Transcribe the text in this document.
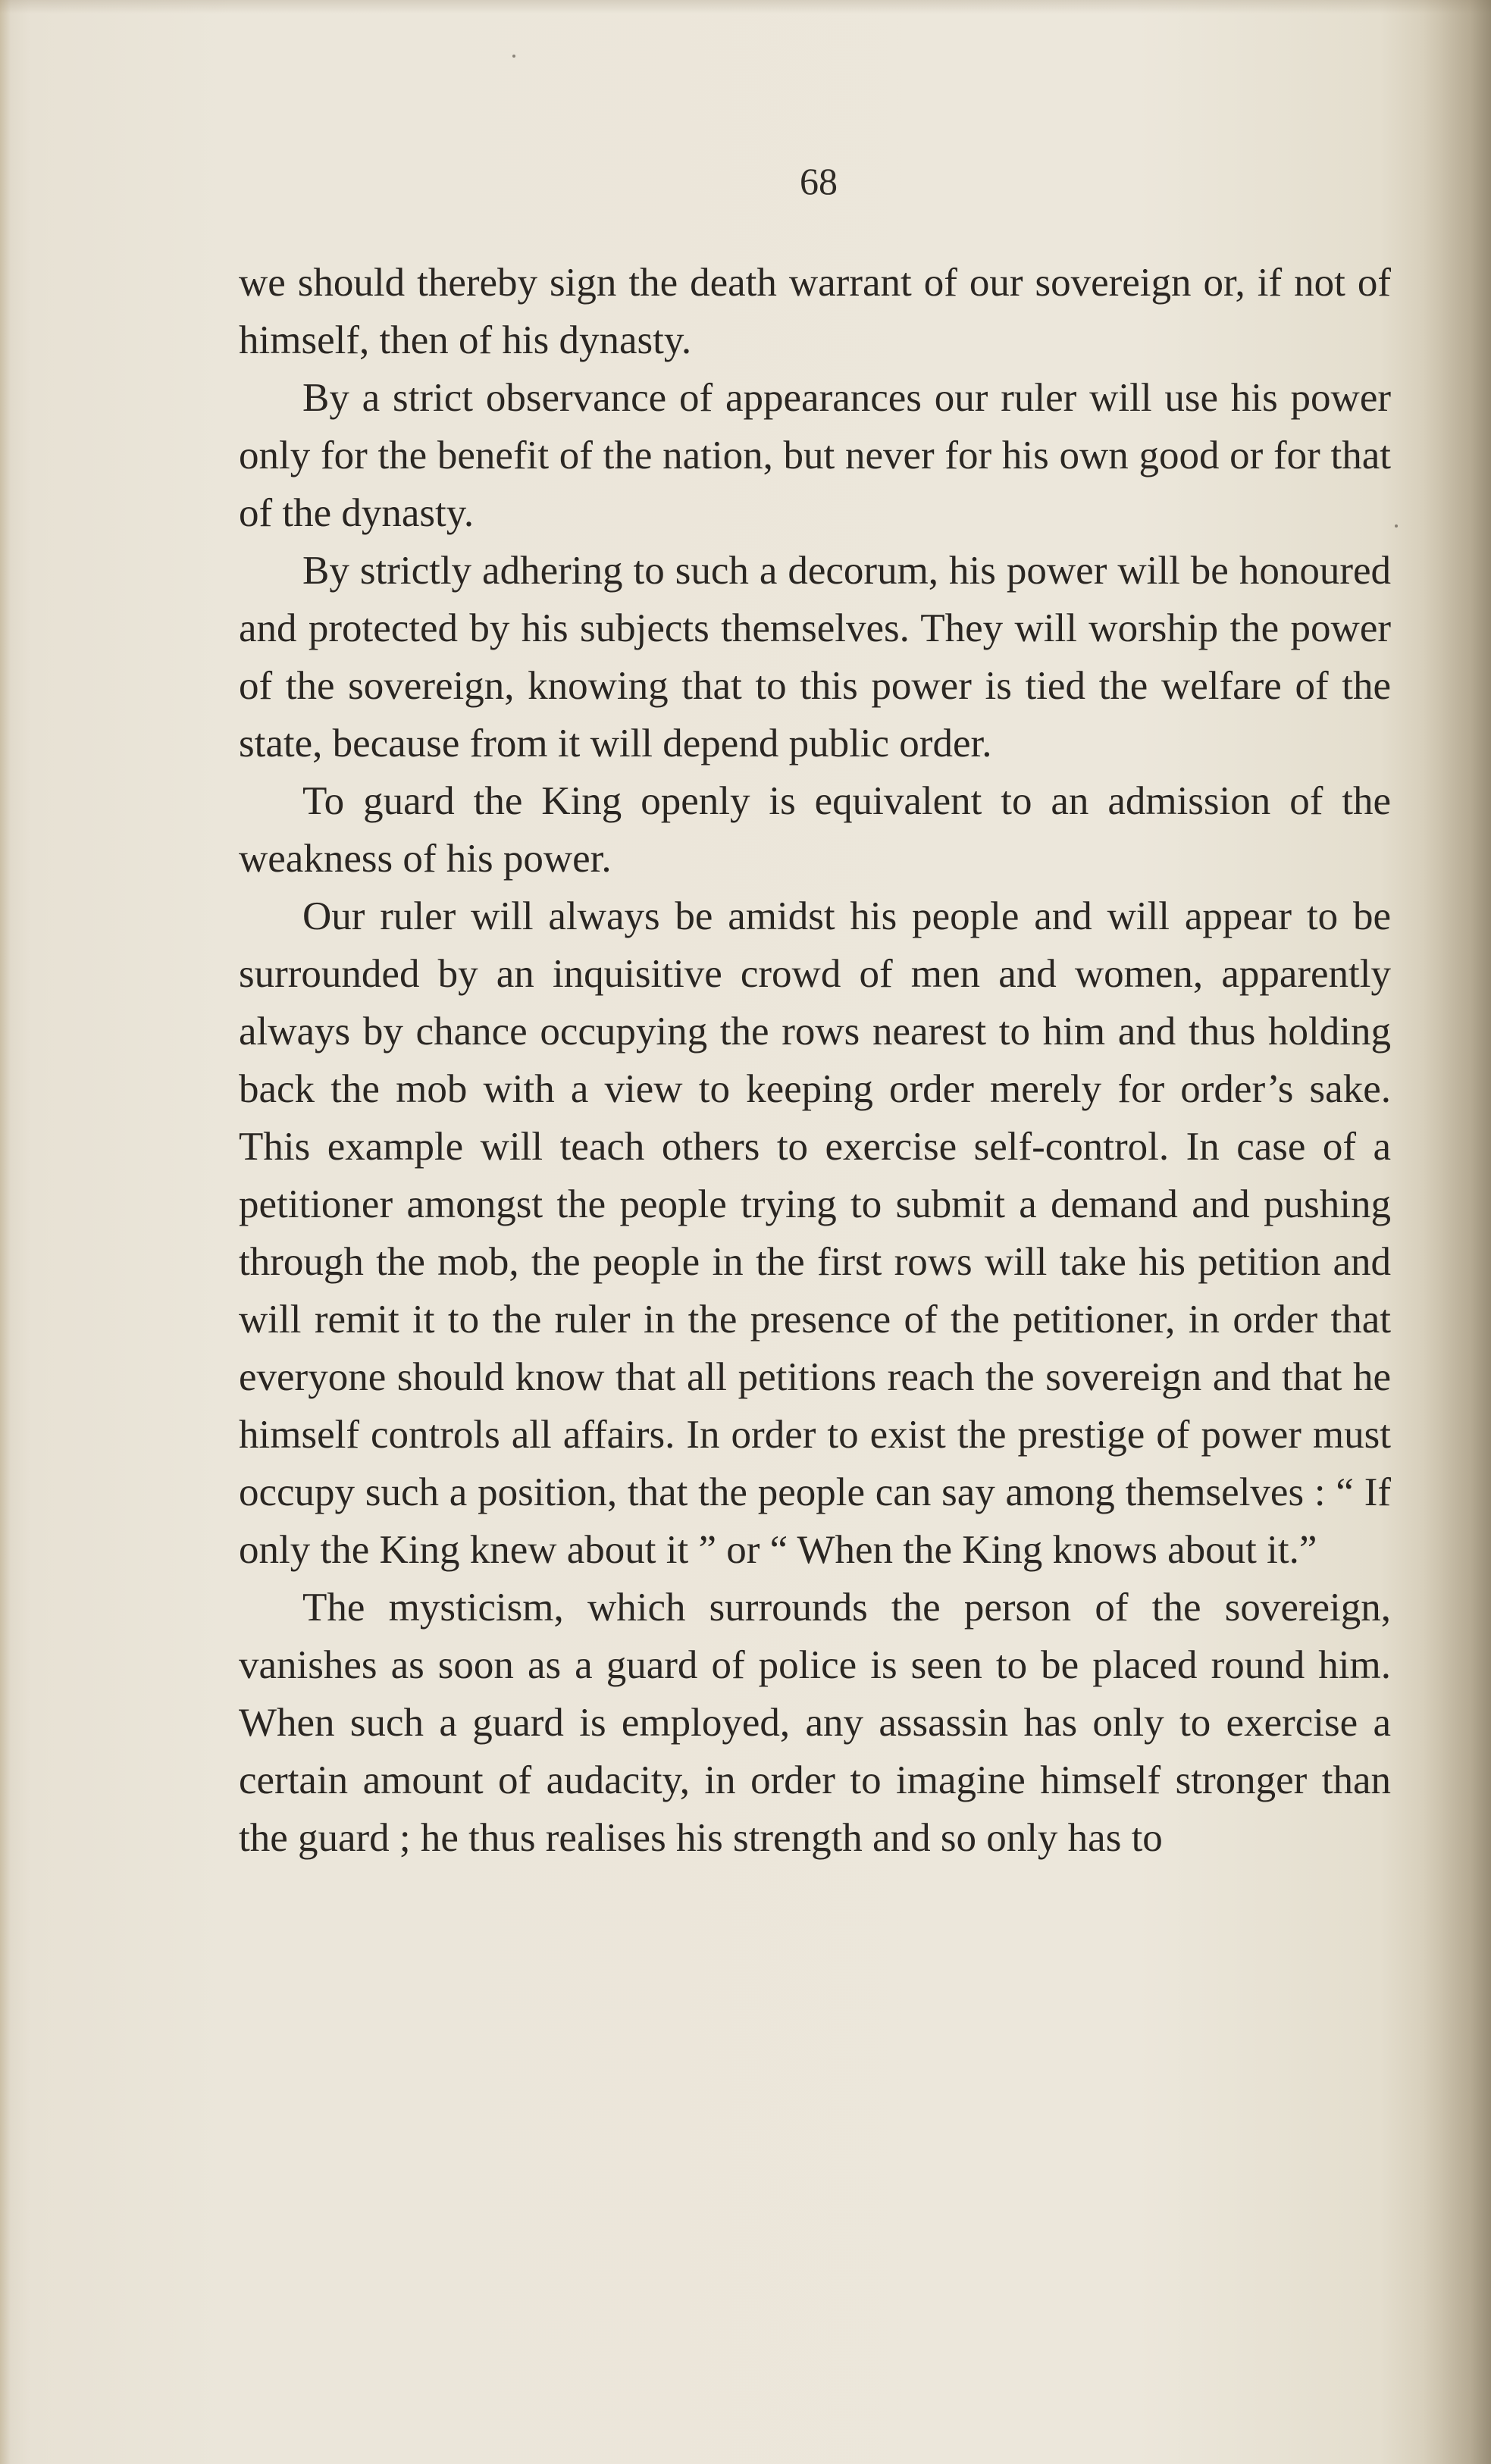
68

we should thereby sign the death warrant of our sovereign or, if not of himself, then of his dynasty.

By a strict observance of appearances our ruler will use his power only for the benefit of the nation, but never for his own good or for that of the dynasty.

By strictly adhering to such a decorum, his power will be honoured and protected by his subjects themselves. They will worship the power of the sovereign, knowing that to this power is tied the welfare of the state, because from it will depend public order.

To guard the King openly is equivalent to an admission of the weakness of his power.

Our ruler will always be amidst his people and will appear to be surrounded by an inquisitive crowd of men and women, apparently always by chance occupying the rows nearest to him and thus holding back the mob with a view to keeping order merely for order’s sake. This example will teach others to exercise self-control. In case of a petitioner amongst the people trying to submit a demand and pushing through the mob, the people in the first rows will take his petition and will remit it to the ruler in the presence of the petitioner, in order that everyone should know that all petitions reach the sovereign and that he himself controls all affairs. In order to exist the prestige of power must occupy such a position, that the people can say among themselves : “ If only the King knew about it ” or “ When the King knows about it.”

The mysticism, which surrounds the person of the sovereign, vanishes as soon as a guard of police is seen to be placed round him. When such a guard is employed, any assassin has only to exercise a certain amount of audacity, in order to imagine himself stronger than the guard ; he thus realises his strength and so only has to
